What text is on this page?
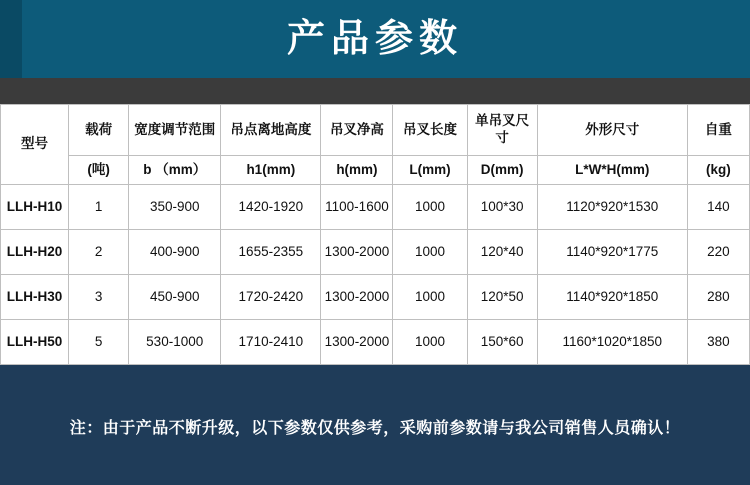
产品参数
型号	载荷	宽度调节范围	吊点离地高度	吊叉净高	吊叉长度	单吊叉尺寸	外形尺寸	自重
	(吨)	b （mm）	h1(mm)	h(mm)	L(mm)	D(mm)	L*W*H(mm)	(kg)
LLH-H10	1	350-900	1420-1920	1100-1600	1000	100*30	1120*920*1530	140
LLH-H20	2	400-900	1655-2355	1300-2000	1000	120*40	1140*920*1775	220
LLH-H30	3	450-900	1720-2420	1300-2000	1000	120*50	1140*920*1850	280
LLH-H50	5	530-1000	1710-2410	1300-2000	1000	150*60	1160*1020*1850	380
注：由于产品不断升级，以下参数仅供参考，采购前参数请与我公司销售人员确认！
